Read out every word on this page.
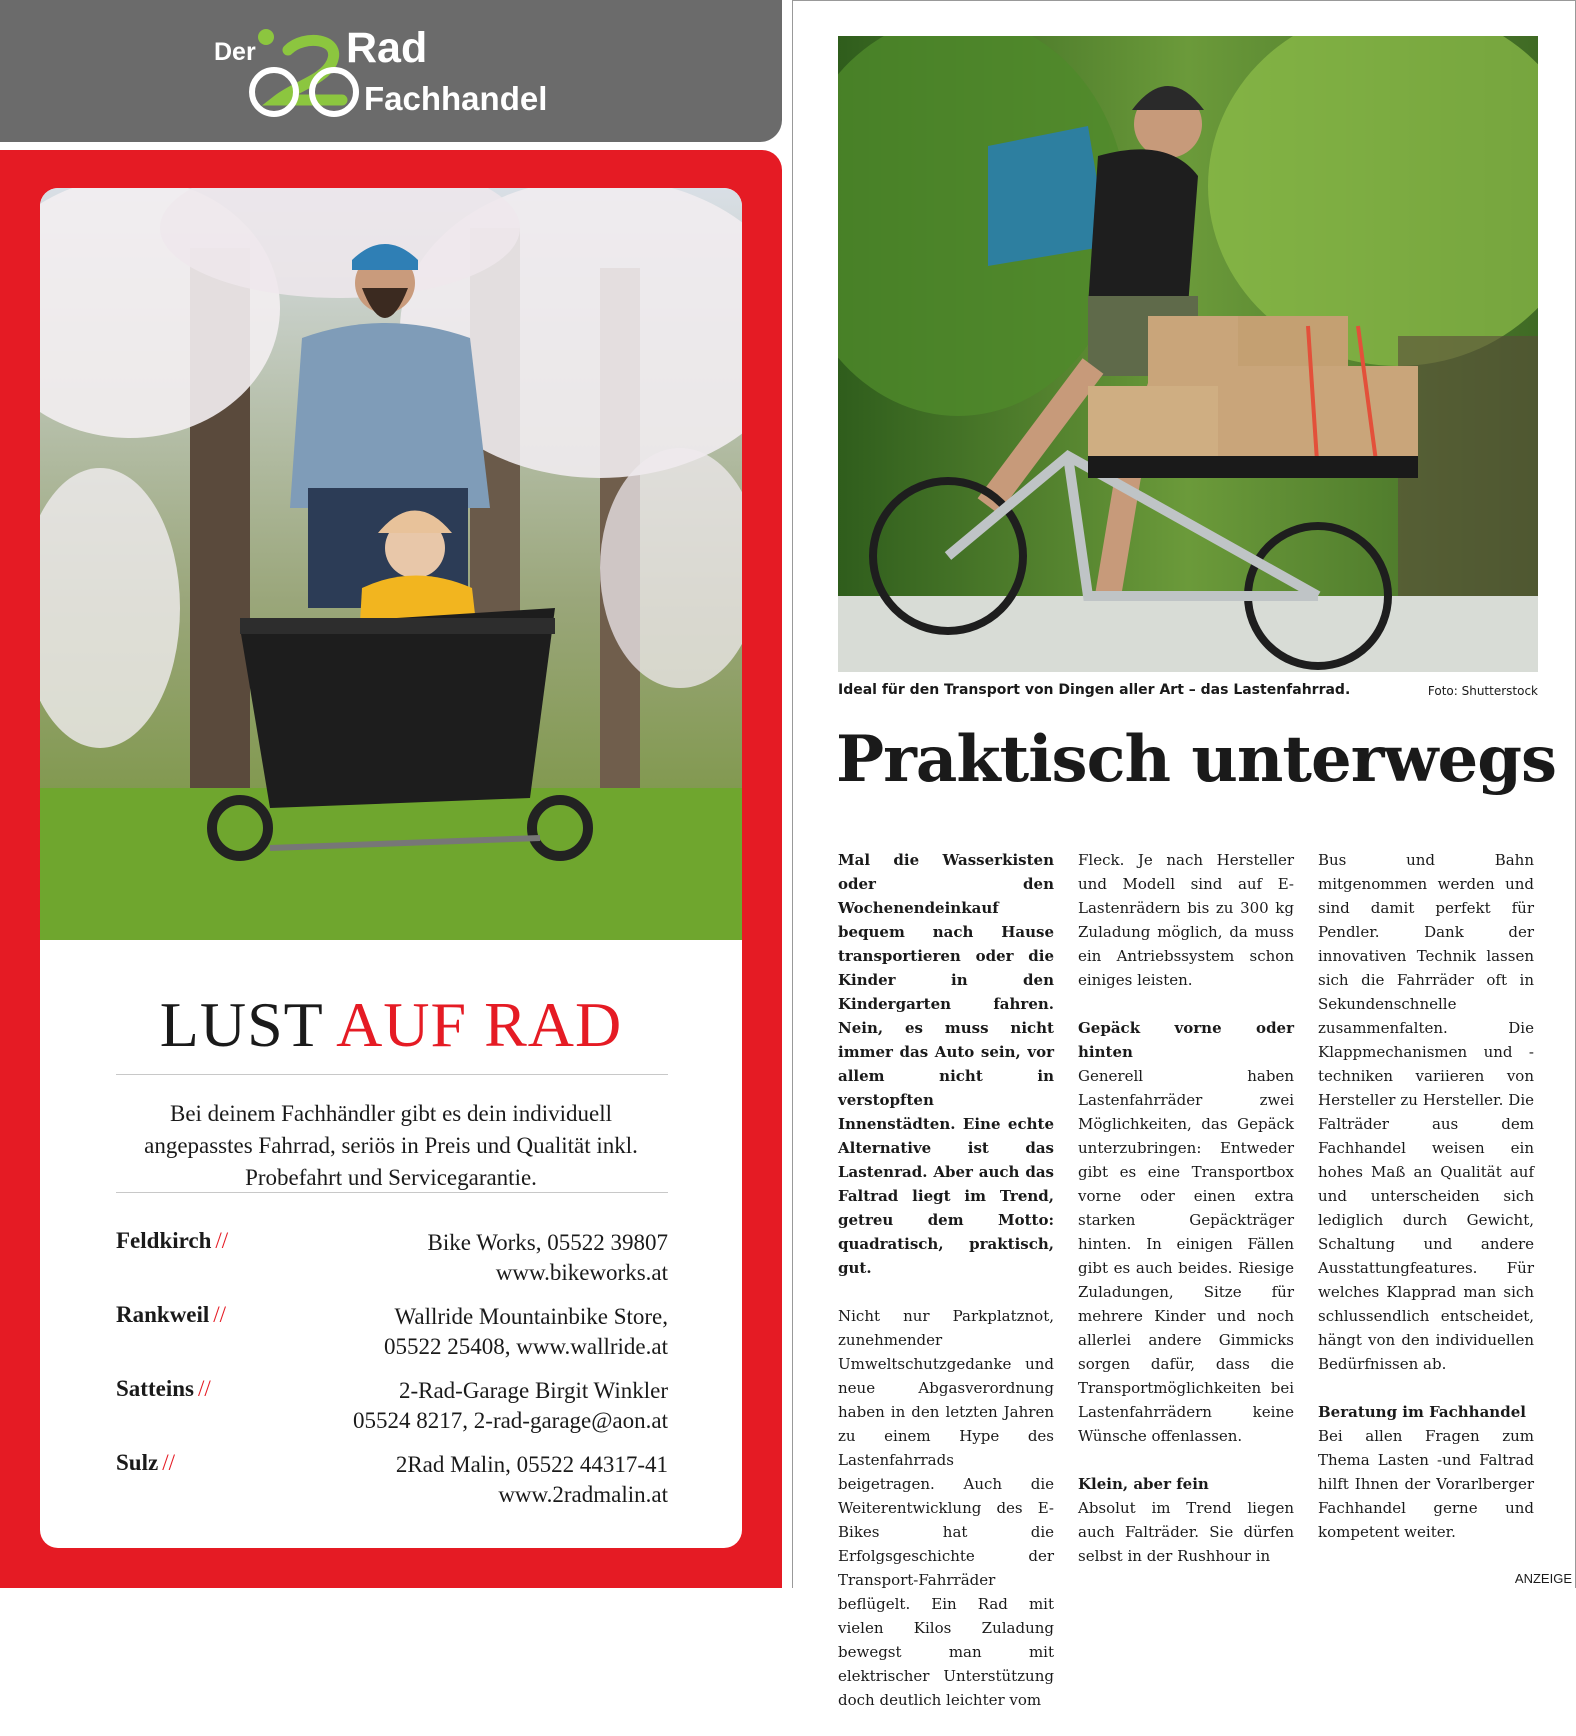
Der	2 Rad
Fachhandel
LUST AUF RAD
Bei deinem Fachhändler gibt es dein individuell angepasstes Fahrrad, seriös in Preis und Qualität inkl. Probefahrt und Servicegarantie.
Feldkirch //	Bike Works, 05522 39807
www.bikeworks.at
Rankweil //	Wallride Mountainbike Store,
05522 25408, www.wallride.at
Satteins //	2-Rad-Garage Birgit Winkler
05524 8217, 2-rad-garage@aon.at
Sulz //	2Rad Malin, 05522 44317-41
www.2radmalin.at
Ideal für den Transport von Dingen aller Art – das Lastenfahrrad.	Foto: Shutterstock
Praktisch unterwegs

Mal die Wasserkisten oder den Wochenendeinkauf bequem nach Hause transportieren oder die Kinder in den Kindergarten fahren. Nein, es muss nicht immer das Auto sein, vor allem nicht in verstopften Innenstädten. Eine echte Alternative ist das Lastenrad. Aber auch das Faltrad liegt im Trend, getreu dem Motto: quadratisch, praktisch, gut.

Nicht nur Parkplatznot, zunehmender Umweltschutzgedanke und neue Abgasverordnung haben in den letzten Jahren zu einem Hype des Lastenfahrrads beigetragen. Auch die Weiterentwicklung des E-Bikes hat die Erfolgsgeschichte der Transport-Fahrräder beflügelt. Ein Rad mit vielen Kilos Zuladung bewegst man mit elektrischer Unterstützung doch deutlich leichter vom

Fleck. Je nach Hersteller und Modell sind auf E-Lastenrädern bis zu 300 kg Zuladung möglich, da muss ein Antriebssystem schon einiges leisten.

Gepäck vorne oder hinten
Generell haben Lastenfahrräder zwei Möglichkeiten, das Gepäck unterzubringen: Entweder gibt es eine Transportbox vorne oder einen extra starken Gepäckträger hinten. In einigen Fällen gibt es auch beides. Riesige Zuladungen, Sitze für mehrere Kinder und noch allerlei andere Gimmicks sorgen dafür, dass die Transportmöglichkeiten bei Lastenfahrrädern keine Wünsche offenlassen.

Klein, aber fein
Absolut im Trend liegen auch Falträder. Sie dürfen selbst in der Rushhour in

Bus und Bahn mitgenommen werden und sind damit perfekt für Pendler. Dank der innovativen Technik lassen sich die Fahrräder oft in Sekundenschnelle zusammenfalten. Die Klappmechanismen und -techniken variieren von Hersteller zu Hersteller. Die Falträder aus dem Fachhandel weisen ein hohes Maß an Qualität auf und unterscheiden sich lediglich durch Gewicht, Schaltung und andere Ausstattungfeatures. Für welches Klapprad man sich schlussendlich entscheidet, hängt von den individuellen Bedürfnissen ab.

Beratung im Fachhandel
Bei allen Fragen zum Thema Lasten -und Faltrad hilft Ihnen der Vorarlberger Fachhandel gerne und kompetent weiter.

ANZEIGE
